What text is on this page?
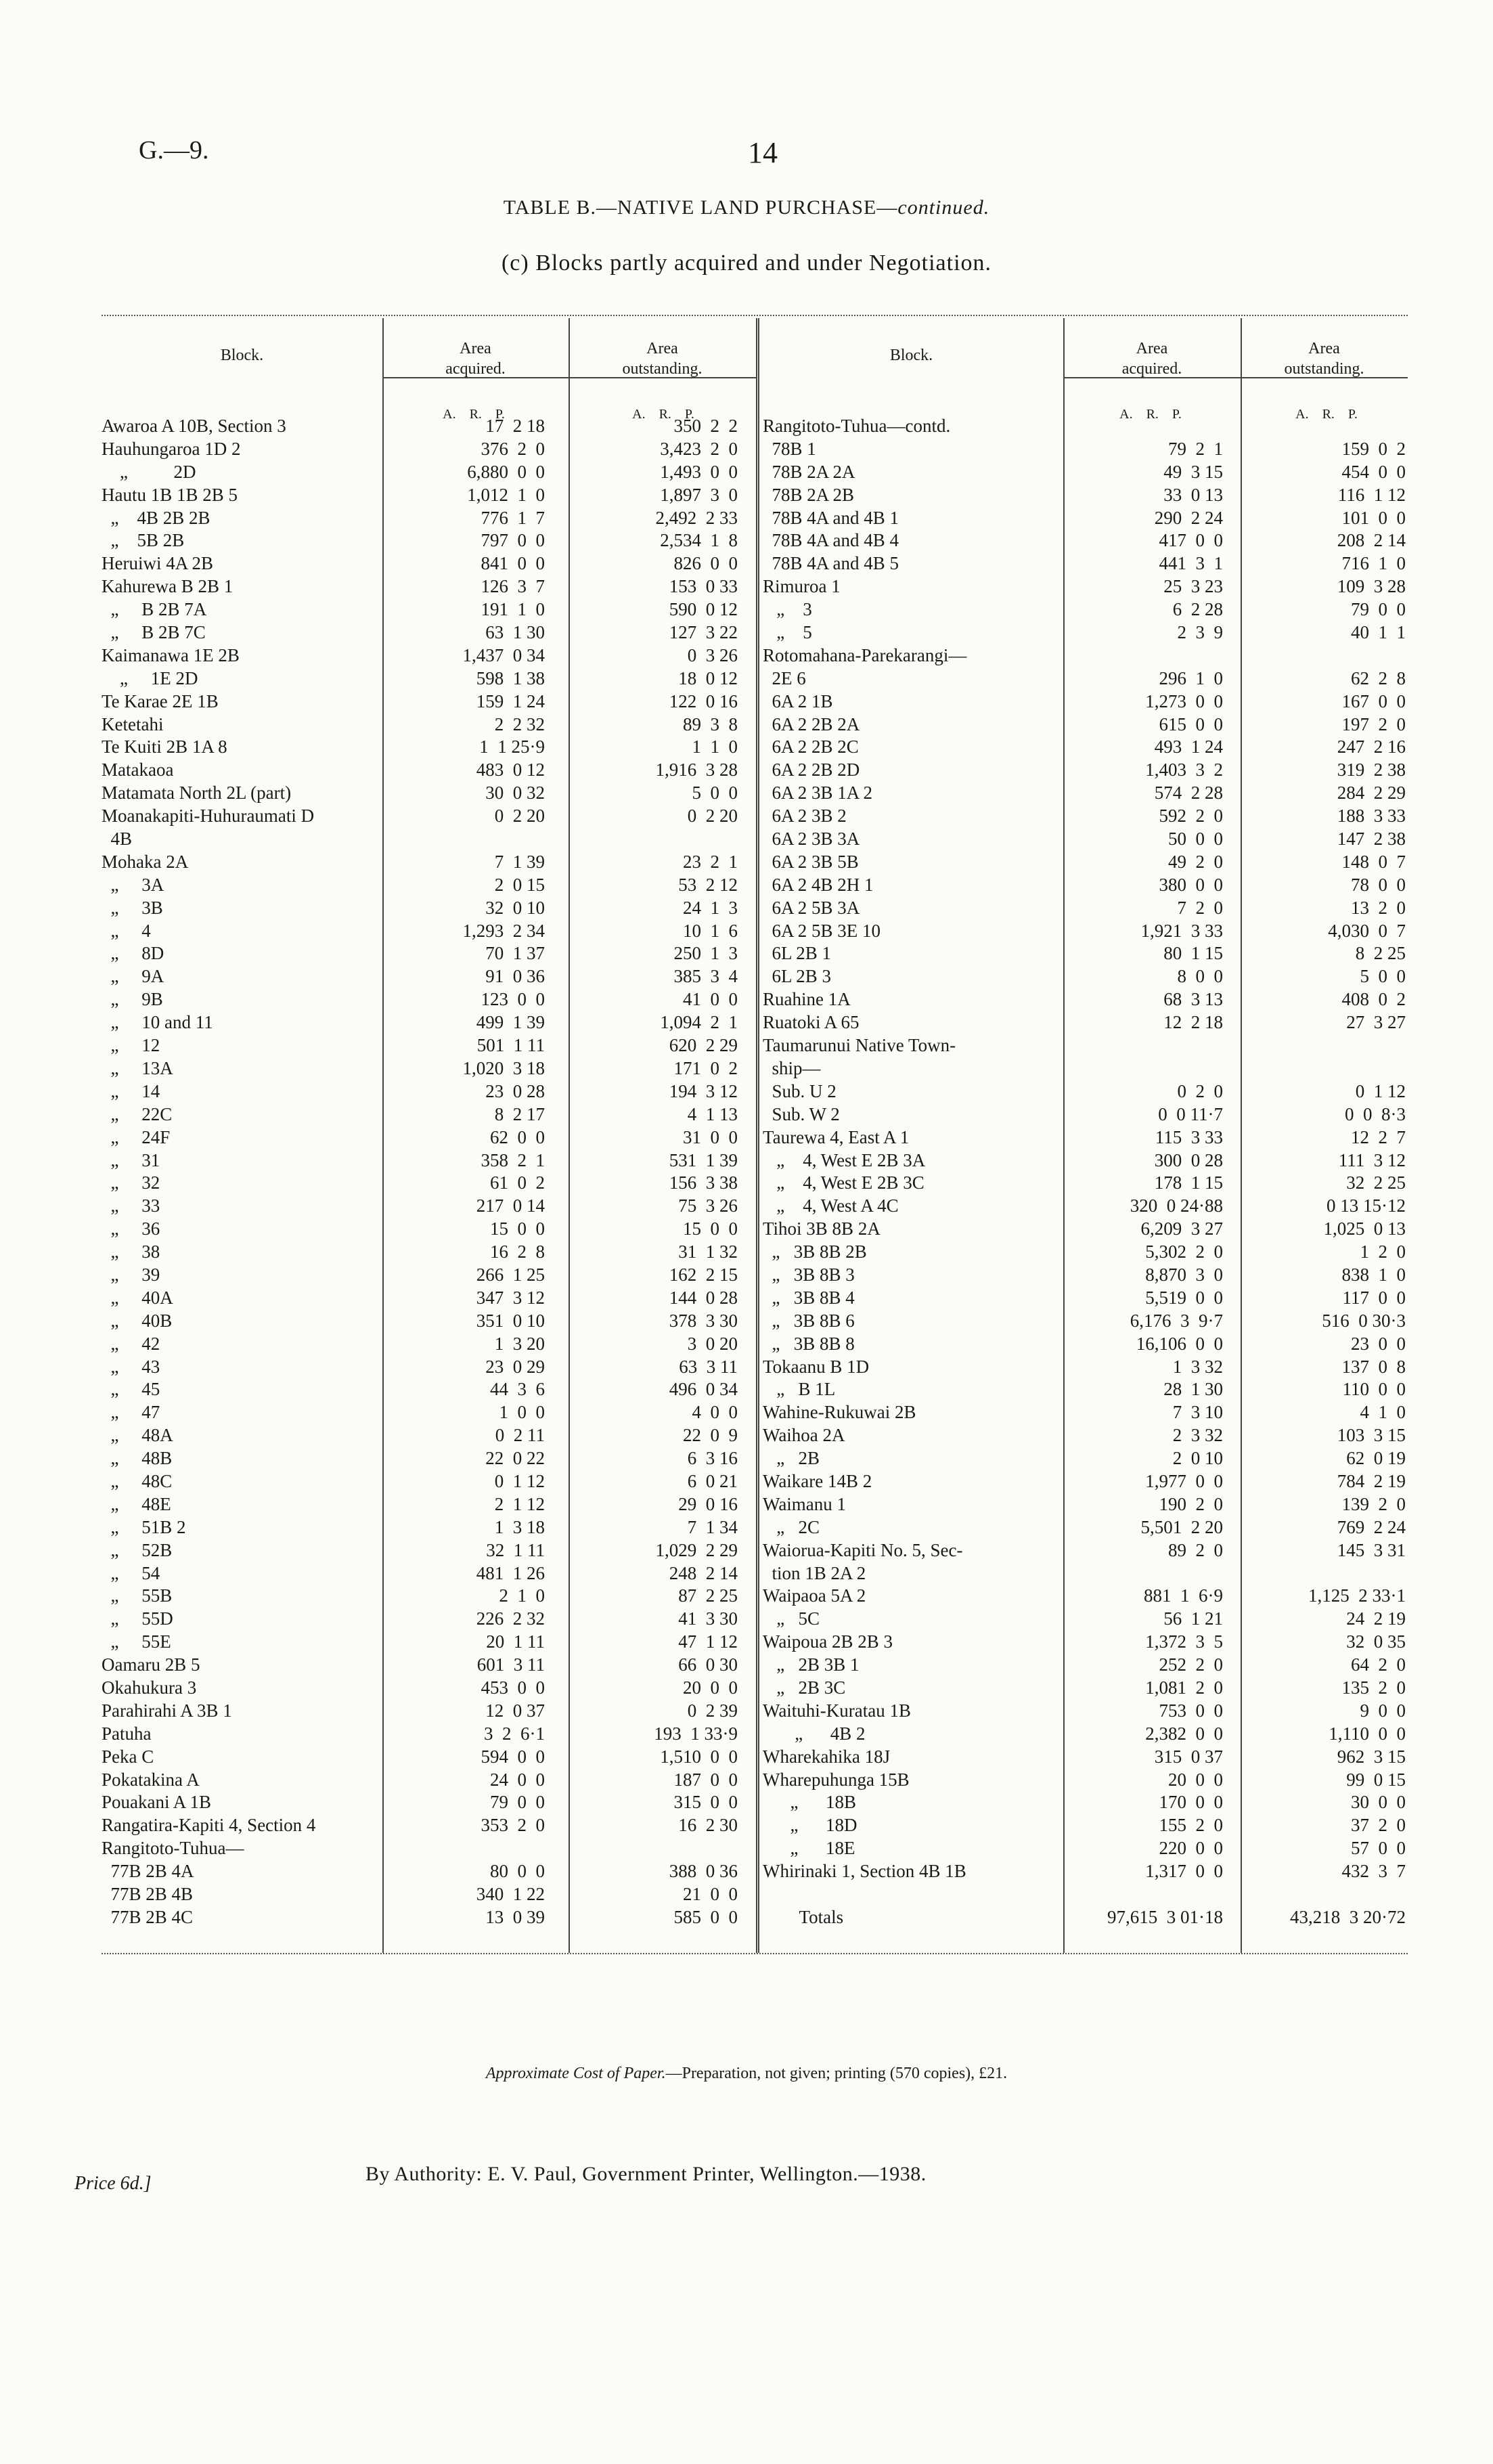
G.—9.	14
TABLE B.—NATIVE LAND PURCHASE—continued.
(c) Blocks partly acquired and under Negotiation.
Block.	Area
acquired.
Area
outstanding.
Block.	Area
acquired.
Area
outstanding.
A.    R.    P.	A.    R.    P.	A.    R.    P.	A.    R.    P.
Awaroa A 10B, Section 3	17  2 18	350  2  2
Hauhungaroa 1D 2	376  2  0	3,423  2  0
„          2D	6,880  0  0	1,493  0  0
Hautu 1B 1B 2B 5	1,012  1  0	1,897  3  0
„    4B 2B 2B	776  1  7	2,492  2 33
„    5B 2B	797  0  0	2,534  1  8
Heruiwi 4A 2B	841  0  0	826  0  0
Kahurewa B 2B 1	126  3  7	153  0 33
„     B 2B 7A	191  1  0	590  0 12
„     B 2B 7C	63  1 30	127  3 22
Kaimanawa 1E 2B	1,437  0 34	0  3 26
„     1E 2D	598  1 38	18  0 12
Te Karae 2E 1B	159  1 24	122  0 16
Ketetahi	2  2 32	89  3  8
Te Kuiti 2B 1A 8	1  1 25·9	1  1  0
Matakaoa	483  0 12	1,916  3 28
Matamata North 2L (part)	30  0 32	5  0  0
Moanakapiti-Huhuraumati D	0  2 20	0  2 20
4B
Mohaka 2A	7  1 39	23  2  1
„     3A	2  0 15	53  2 12
„     3B	32  0 10	24  1  3
„     4	1,293  2 34	10  1  6
„     8D	70  1 37	250  1  3
„     9A	91  0 36	385  3  4
„     9B	123  0  0	41  0  0
„     10 and 11	499  1 39	1,094  2  1
„     12	501  1 11	620  2 29
„     13A	1,020  3 18	171  0  2
„     14	23  0 28	194  3 12
„     22C	8  2 17	4  1 13
„     24F	62  0  0	31  0  0
„     31	358  2  1	531  1 39
„     32	61  0  2	156  3 38
„     33	217  0 14	75  3 26
„     36	15  0  0	15  0  0
„     38	16  2  8	31  1 32
„     39	266  1 25	162  2 15
„     40A	347  3 12	144  0 28
„     40B	351  0 10	378  3 30
„     42	1  3 20	3  0 20
„     43	23  0 29	63  3 11
„     45	44  3  6	496  0 34
„     47	1  0  0	4  0  0
„     48A	0  2 11	22  0  9
„     48B	22  0 22	6  3 16
„     48C	0  1 12	6  0 21
„     48E	2  1 12	29  0 16
„     51B 2	1  3 18	7  1 34
„     52B	32  1 11	1,029  2 29
„     54	481  1 26	248  2 14
„     55B	2  1  0	87  2 25
„     55D	226  2 32	41  3 30
„     55E	20  1 11	47  1 12
Oamaru 2B 5	601  3 11	66  0 30
Okahukura 3	453  0  0	20  0  0
Parahirahi A 3B 1	12  0 37	0  2 39
Patuha	3  2  6·1	193  1 33·9
Peka C	594  0  0	1,510  0  0
Pokatakina A	24  0  0	187  0  0
Pouakani A 1B	79  0  0	315  0  0
Rangatira-Kapiti 4, Section 4	353  2  0	16  2 30
Rangitoto-Tuhua—
77B 2B 4A	80  0  0	388  0 36
77B 2B 4B	340  1 22	21  0  0
77B 2B 4C	13  0 39	585  0  0
Rangitoto-Tuhua—contd.
78B 1	79  2  1	159  0  2
78B 2A 2A	49  3 15	454  0  0
78B 2A 2B	33  0 13	116  1 12
78B 4A and 4B 1	290  2 24	101  0  0
78B 4A and 4B 4	417  0  0	208  2 14
78B 4A and 4B 5	441  3  1	716  1  0
Rimuroa 1	25  3 23	109  3 28
„    3	6  2 28	79  0  0
„    5	2  3  9	40  1  1
Rotomahana-Parekarangi—
2E 6	296  1  0	62  2  8
6A 2 1B	1,273  0  0	167  0  0
6A 2 2B 2A	615  0  0	197  2  0
6A 2 2B 2C	493  1 24	247  2 16
6A 2 2B 2D	1,403  3  2	319  2 38
6A 2 3B 1A 2	574  2 28	284  2 29
6A 2 3B 2	592  2  0	188  3 33
6A 2 3B 3A	50  0  0	147  2 38
6A 2 3B 5B	49  2  0	148  0  7
6A 2 4B 2H 1	380  0  0	78  0  0
6A 2 5B 3A	7  2  0	13  2  0
6A 2 5B 3E 10	1,921  3 33	4,030  0  7
6L 2B 1	80  1 15	8  2 25
6L 2B 3	8  0  0	5  0  0
Ruahine 1A	68  3 13	408  0  2
Ruatoki A 65	12  2 18	27  3 27
Taumarunui Native Town-
ship—
Sub. U 2	0  2  0	0  1 12
Sub. W 2	0  0 11·7	0  0  8·3
Taurewa 4, East A 1	115  3 33	12  2  7
„    4, West E 2B 3A	300  0 28	111  3 12
„    4, West E 2B 3C	178  1 15	32  2 25
„    4, West A 4C	320  0 24·88	0 13 15·12
Tihoi 3B 8B 2A	6,209  3 27	1,025  0 13
„   3B 8B 2B	5,302  2  0	1  2  0
„   3B 8B 3	8,870  3  0	838  1  0
„   3B 8B 4	5,519  0  0	117  0  0
„   3B 8B 6	6,176  3  9·7	516  0 30·3
„   3B 8B 8	16,106  0  0	23  0  0
Tokaanu B 1D	1  3 32	137  0  8
„   B 1L	28  1 30	110  0  0
Wahine-Rukuwai 2B	7  3 10	4  1  0
Waihoa 2A	2  3 32	103  3 15
„   2B	2  0 10	62  0 19
Waikare 14B 2	1,977  0  0	784  2 19
Waimanu 1	190  2  0	139  2  0
„   2C	5,501  2 20	769  2 24
Waiorua-Kapiti No. 5, Sec-	89  2  0	145  3 31
tion 1B 2A 2
Waipaoa 5A 2	881  1  6·9	1,125  2 33·1
„   5C	56  1 21	24  2 19
Waipoua 2B 2B 3	1,372  3  5	32  0 35
„   2B 3B 1	252  2  0	64  2  0
„   2B 3C	1,081  2  0	135  2  0
Waituhi-Kuratau 1B	753  0  0	9  0  0
„      4B 2	2,382  0  0	1,110  0  0
Wharekahika 18J	315  0 37	962  3 15
Wharepuhunga 15B	20  0  0	99  0 15
„      18B	170  0  0	30  0  0
„      18D	155  2  0	37  2  0
„      18E	220  0  0	57  0  0
Whirinaki 1, Section 4B 1B	1,317  0  0	432  3  7
Totals	97,615  3 01·18	43,218  3 20·72
Approximate Cost of Paper.—Preparation, not given; printing (570 copies), £21.
Price 6d.]	By Authority: E. V. Paul, Government Printer, Wellington.—1938.
